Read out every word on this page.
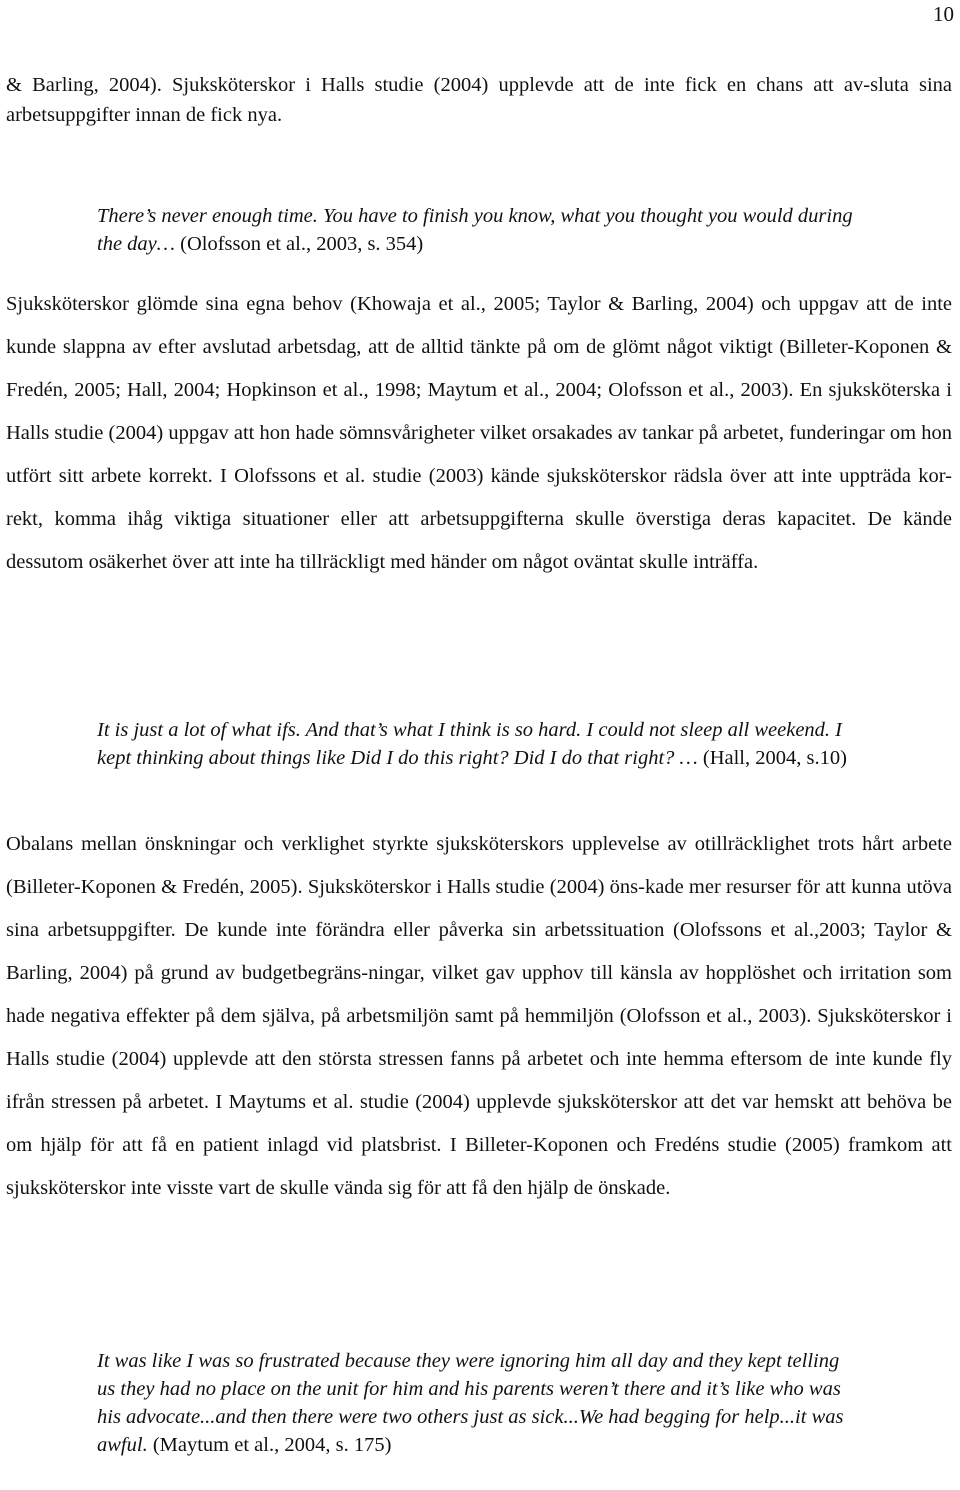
10

& Barling, 2004). Sjuksköterskor i Halls studie (2004) upplevde att de inte fick en chans att av-sluta sina arbetsuppgifter innan de fick nya.

There’s never enough time. You have to finish you know, what you thought you would during the day… (Olofsson et al., 2003, s. 354)

Sjuksköterskor glömde sina egna behov (Khowaja et al., 2005; Taylor & Barling, 2004) och uppgav att de inte kunde slappna av efter avslutad arbetsdag, att de alltid tänkte på om de glömt något viktigt (Billeter-Koponen & Fredén, 2005; Hall, 2004; Hopkinson et al., 1998; Maytum et al., 2004; Olofsson et al., 2003). En sjuksköterska i Halls studie (2004) uppgav att hon hade sömnsvårigheter vilket orsakades av tankar på arbetet, funderingar om hon utfört sitt arbete korrekt. I Olofssons et al. studie (2003) kände sjuksköterskor rädsla över att inte uppträda kor-rekt, komma ihåg viktiga situationer eller att arbetsuppgifterna skulle överstiga deras kapacitet. De kände dessutom osäkerhet över att inte ha tillräckligt med händer om något oväntat skulle inträffa.

It is just a lot of what ifs. And that’s what I think is so hard. I could not sleep all weekend. I kept thinking about things like Did I do this right? Did I do that right? … (Hall, 2004, s.10)

Obalans mellan önskningar och verklighet styrkte sjuksköterskors upplevelse av otillräcklighet trots hårt arbete (Billeter-Koponen & Fredén, 2005). Sjuksköterskor i Halls studie (2004) öns-kade mer resurser för att kunna utöva sina arbetsuppgifter. De kunde inte förändra eller påverka sin arbetssituation (Olofssons et al.,2003; Taylor & Barling, 2004) på grund av budgetbegräns-ningar, vilket gav upphov till känsla av hopplöshet och irritation som hade negativa effekter på dem själva, på arbetsmiljön samt på hemmiljön (Olofsson et al., 2003). Sjuksköterskor i Halls studie (2004) upplevde att den största stressen fanns på arbetet och inte hemma eftersom de inte kunde fly ifrån stressen på arbetet. I Maytums et al. studie (2004) upplevde sjuksköterskor att det var hemskt att behöva be om hjälp för att få en patient inlagd vid platsbrist. I Billeter-Koponen och Fredéns studie (2005) framkom att sjuksköterskor inte visste vart de skulle vända sig för att få den hjälp de önskade.

It was like I was so frustrated because they were ignoring him all day and they kept telling us they had no place on the unit for him and his parents weren’t there and it’s like who was his advocate...and then there were two others just as sick...We had begging for help...it was awful. (Maytum et al., 2004, s. 175)
